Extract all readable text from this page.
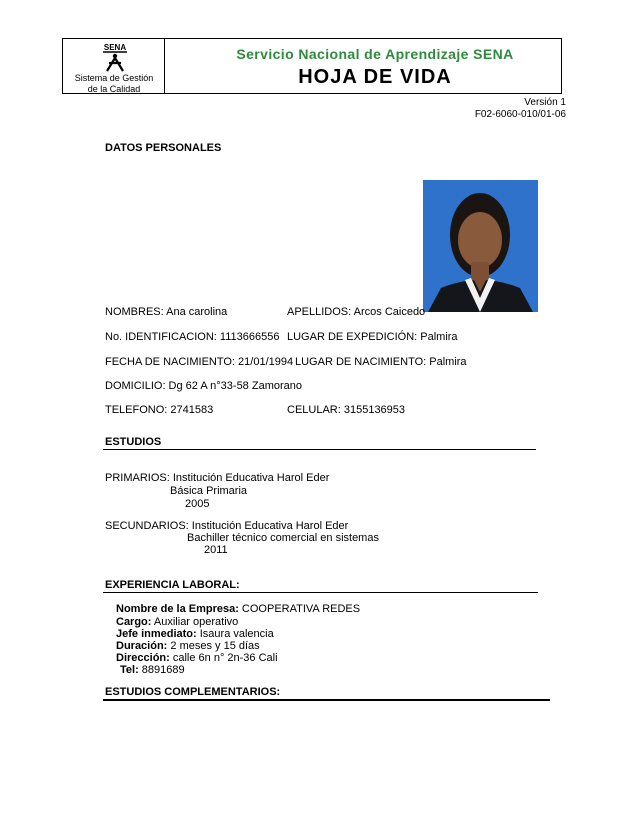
SENA
Sistema de Gestión
de la Calidad
Servicio Nacional de Aprendizaje SENA
HOJA DE VIDA
Versión 1
F02-6060-010/01-06
DATOS PERSONALES
NOMBRES: Ana carolina	APELLIDOS: Arcos Caicedo
No. IDENTIFICACION: 1113666556 LUGAR DE EXPEDICIÓN: Palmira
FECHA DE NACIMIENTO: 21/01/1994 LUGAR DE NACIMIENTO: Palmira
DOMICILIO: Dg 62 A n°33-58 Zamorano
TELEFONO: 2741583	CELULAR: 3155136953
ESTUDIOS
PRIMARIOS: Institución Educativa Harol Eder
Básica Primaria
2005
SECUNDARIOS: Institución Educativa Harol Eder
Bachiller técnico comercial en sistemas
2011
EXPERIENCIA LABORAL:
Nombre de la Empresa: COOPERATIVA REDES
Cargo: Auxiliar operativo
Jefe inmediato: Isaura valencia
Duración: 2 meses y 15 días
Dirección: calle 6n n° 2n-36 Cali
Tel: 8891689
ESTUDIOS COMPLEMENTARIOS:
